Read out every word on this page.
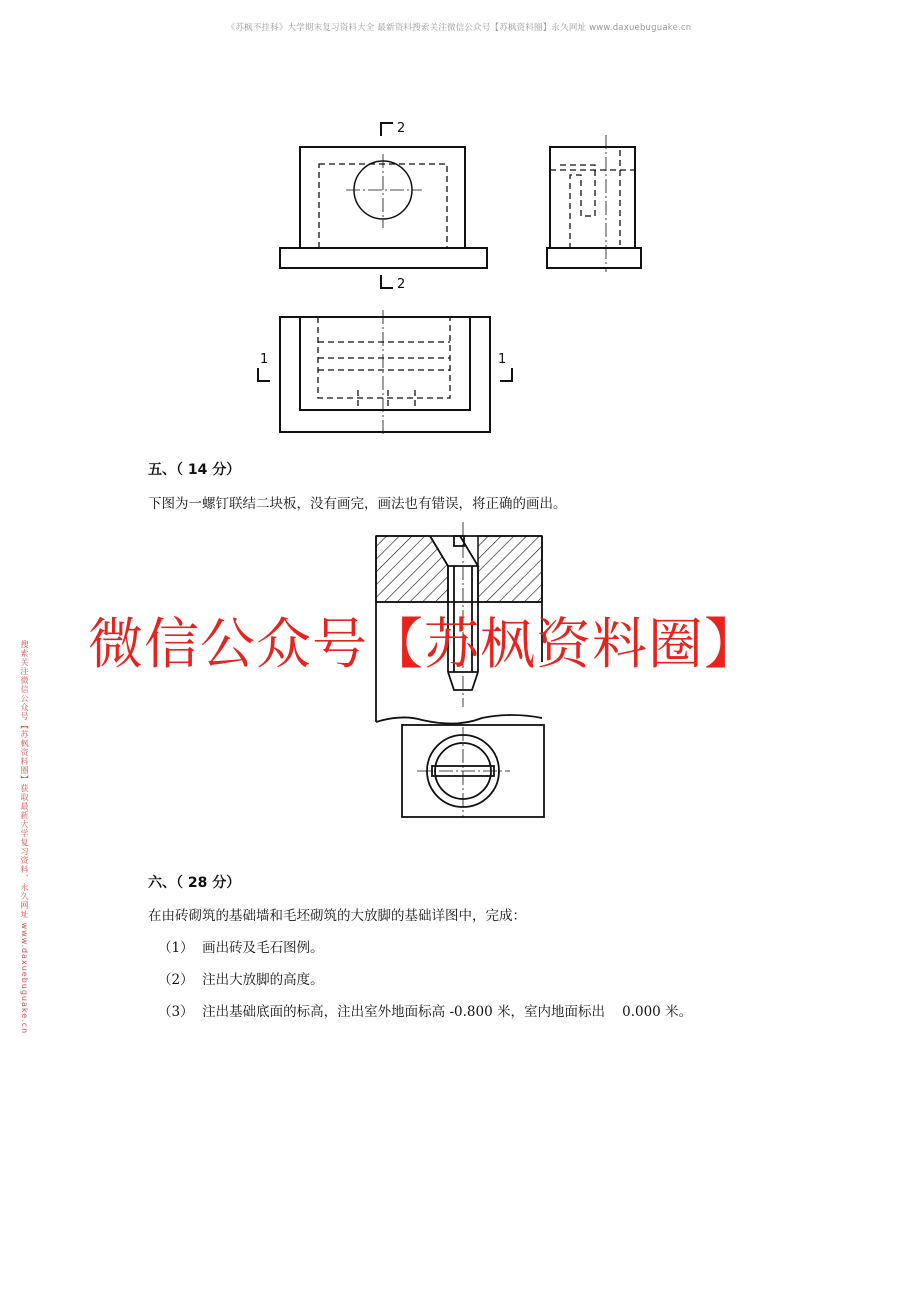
《苏枫不挂科》大学期末复习资料大全 最新资料搜索关注微信公众号【苏枫资料圈】永久网址 www.daxuebuguake.cn
搜索关注微信公众号【苏枫资料圈】获取最新大学复习资料，永久网址 www.daxuebuguake.cn
2
2
1	1
五、（ 14 分）
下图为一螺钉联结二块板，没有画完，画法也有错误，将正确的画出。
微信公众号【苏枫资料圈】
六、（ 28 分）
在由砖砌筑的基础墙和毛坯砌筑的大放脚的基础详图中，完成：
（1）  画出砖及毛石图例。
（2）  注出大放脚的高度。
（3）  注出基础底面的标高，注出室外地面标高 -0.800 米，室内地面标出    0.000 米。
